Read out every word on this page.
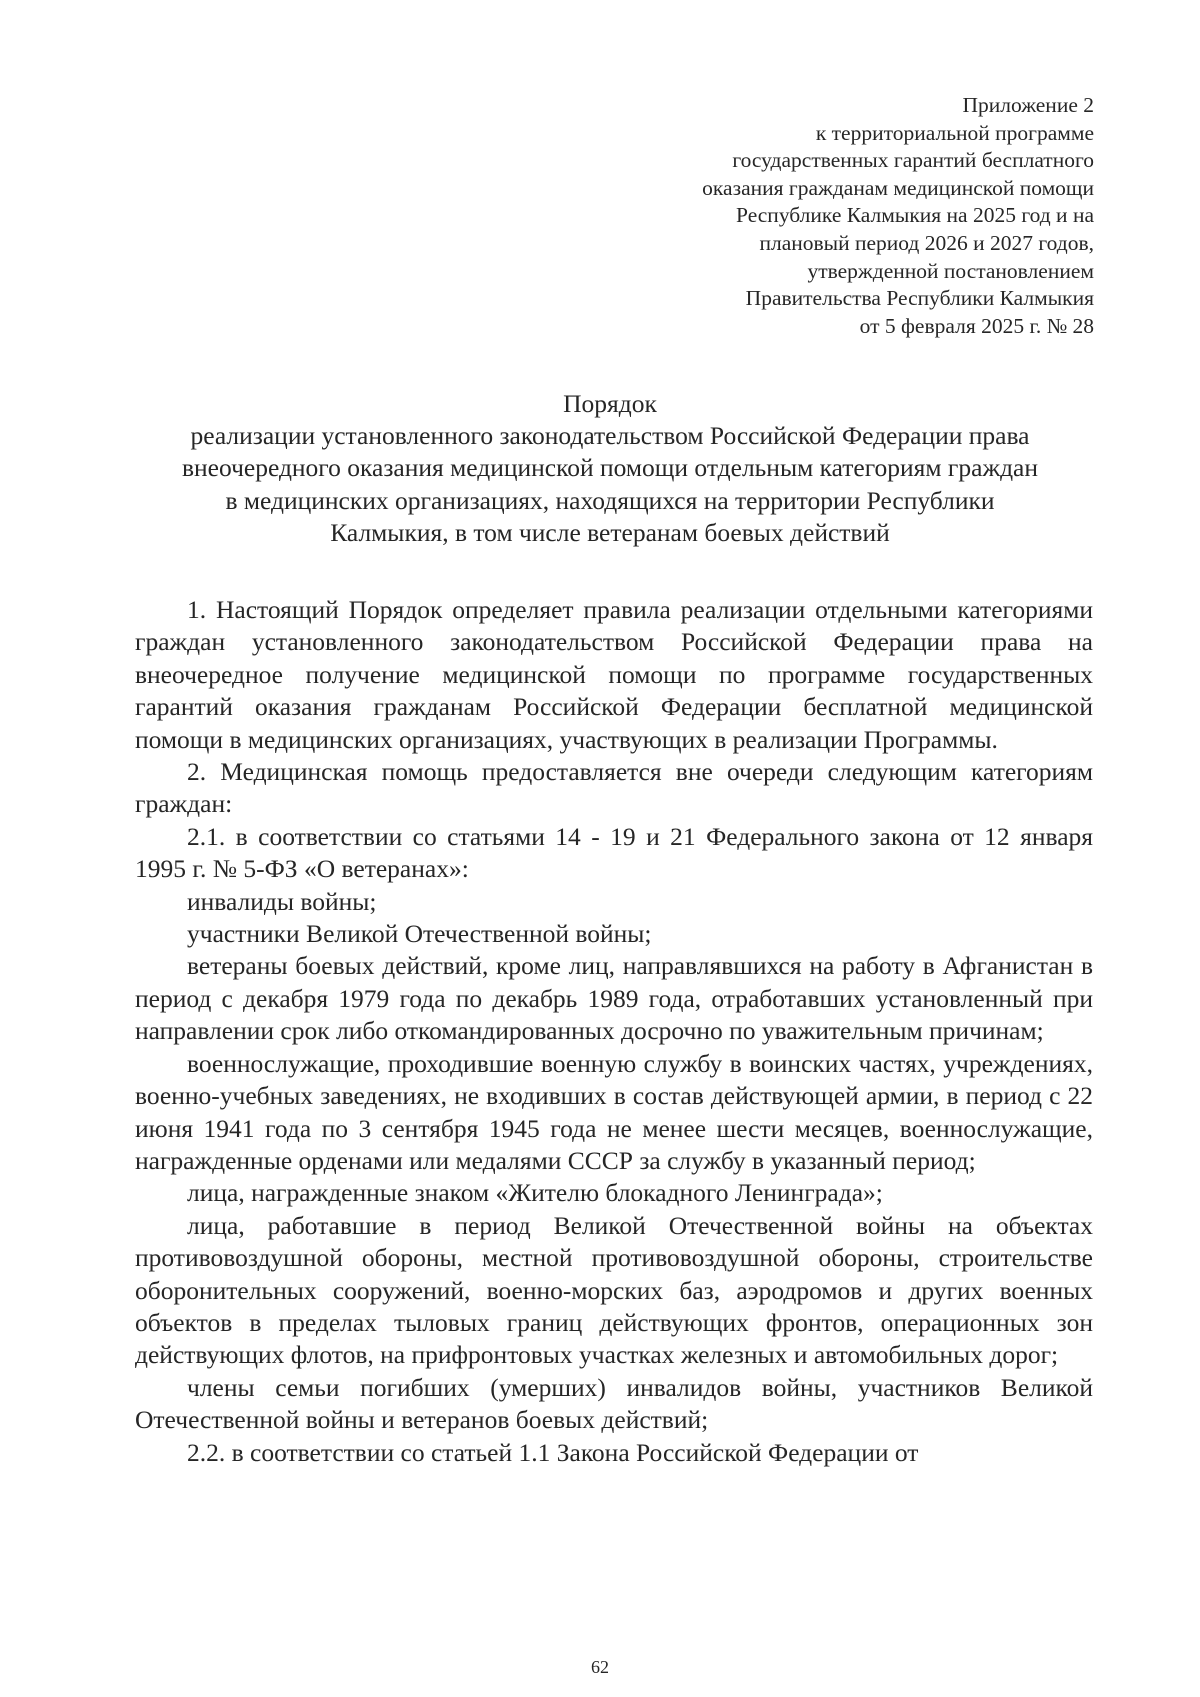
Приложение 2
к территориальной программе
государственных гарантий бесплатного
оказания гражданам медицинской помощи
Республике Калмыкия на 2025 год и на
плановый период 2026 и 2027 годов,
утвержденной постановлением
Правительства Республики Калмыкия
от 5 февраля 2025 г. № 28
Порядок
реализации установленного законодательством Российской Федерации права
внеочередного оказания медицинской помощи отдельным категориям граждан
в медицинских организациях, находящихся на территории Республики
Калмыкия, в том числе ветеранам боевых действий
1. Настоящий Порядок определяет правила реализации отдельными категориями граждан установленного законодательством Российской Федерации права на внеочередное получение медицинской помощи по программе государственных гарантий оказания гражданам Российской Федерации бесплатной медицинской помощи в медицинских организациях, участвующих в реализации Программы.
2. Медицинская помощь предоставляется вне очереди следующим категориям граждан:
2.1. в соответствии со статьями 14 - 19 и 21 Федерального закона от 12 января 1995 г. № 5-ФЗ «О ветеранах»:
инвалиды войны;
участники Великой Отечественной войны;
ветераны боевых действий, кроме лиц, направлявшихся на работу в Афганистан в период с декабря 1979 года по декабрь 1989 года, отработавших установленный при направлении срок либо откомандированных досрочно по уважительным причинам;
военнослужащие, проходившие военную службу в воинских частях, учреждениях, военно-учебных заведениях, не входивших в состав действующей армии, в период с 22 июня 1941 года по 3 сентября 1945 года не менее шести месяцев, военнослужащие, награжденные орденами или медалями СССР за службу в указанный период;
лица, награжденные знаком «Жителю блокадного Ленинграда»;
лица, работавшие в период Великой Отечественной войны на объектах противовоздушной обороны, местной противовоздушной обороны, строительстве оборонительных сооружений, военно-морских баз, аэродромов и других военных объектов в пределах тыловых границ действующих фронтов, операционных зон действующих флотов, на прифронтовых участках железных и автомобильных дорог;
члены семьи погибших (умерших) инвалидов войны, участников Великой Отечественной войны и ветеранов боевых действий;
2.2. в соответствии со статьей 1.1 Закона Российской Федерации от
62
